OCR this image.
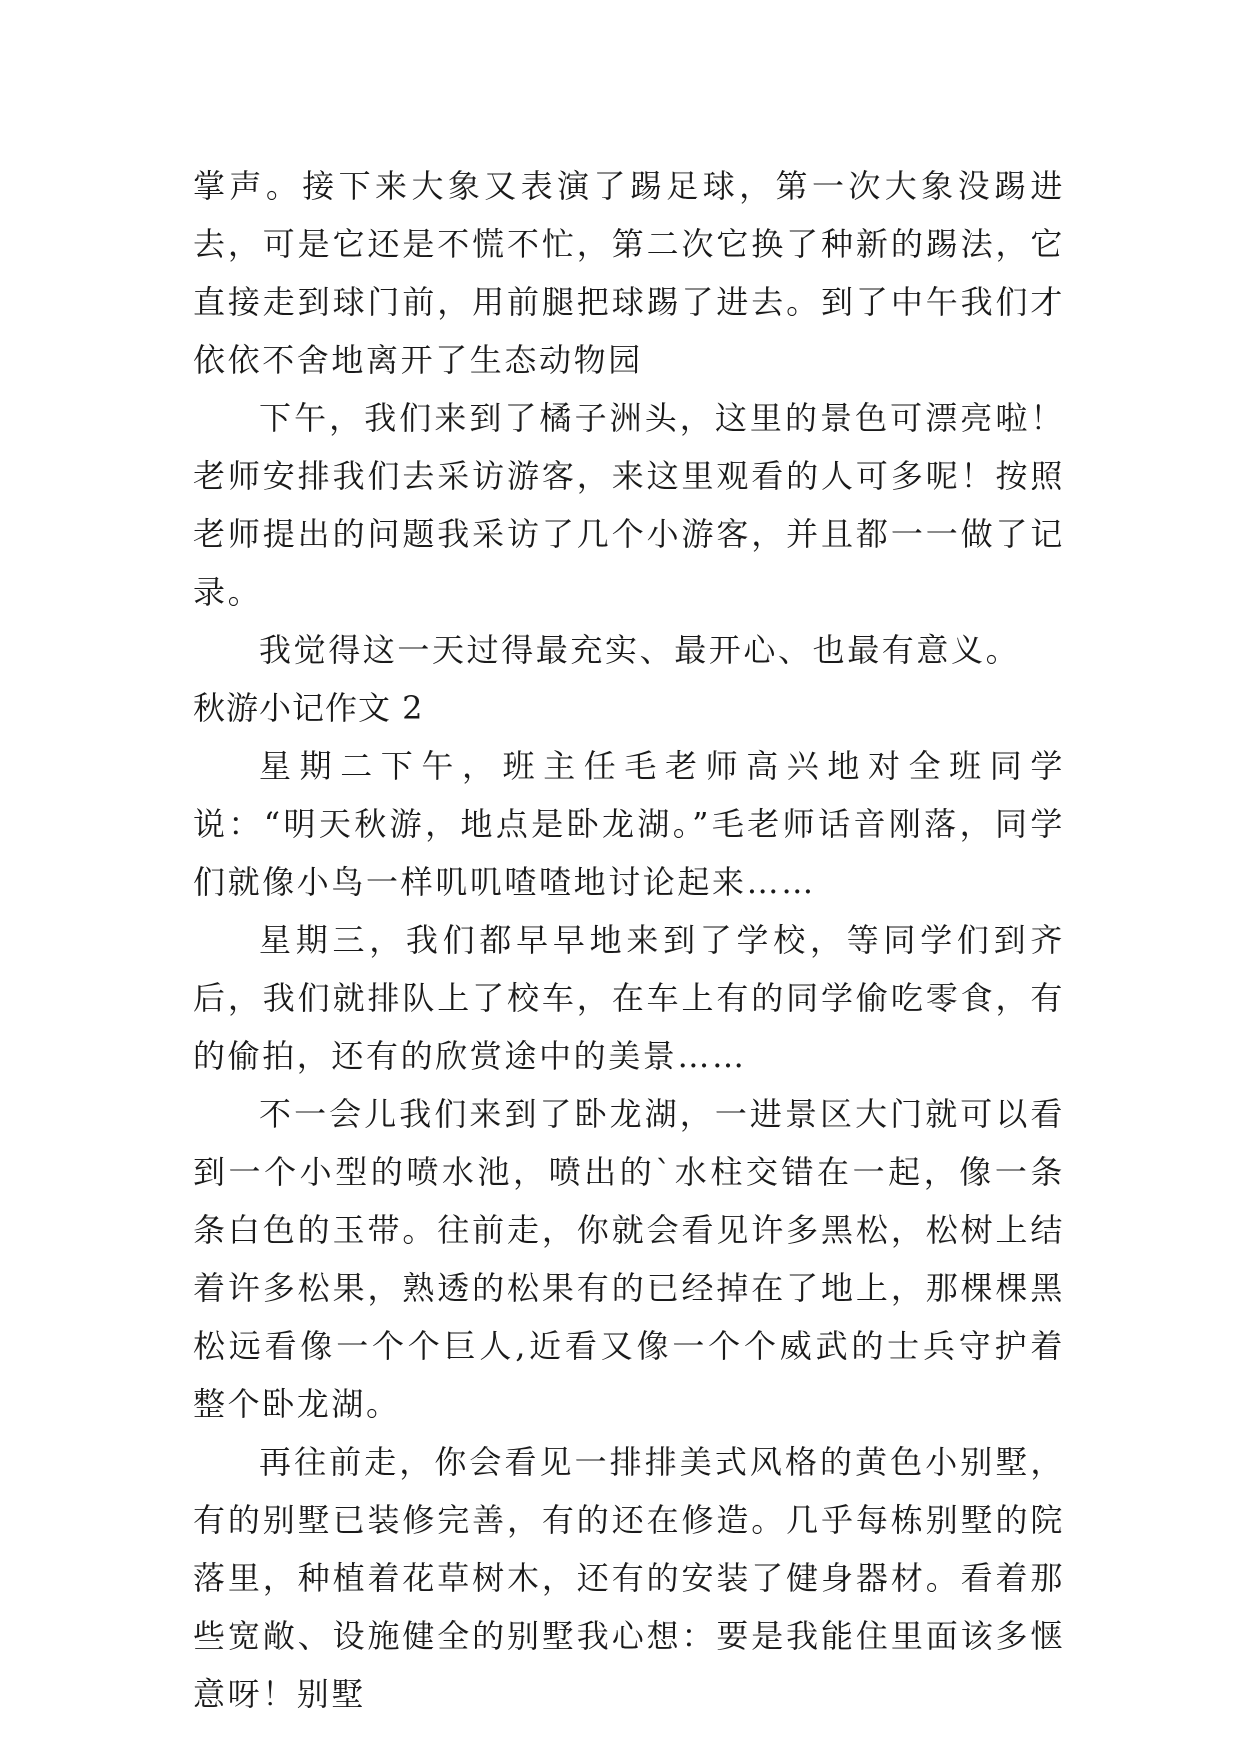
掌声。接下来大象又表演了踢足球，第一次大象没踢进去，可是它还是不慌不忙，第二次它换了种新的踢法，它直接走到球门前，用前腿把球踢了进去。到了中午我们才依依不舍地离开了生态动物园

下午，我们来到了橘子洲头，这里的景色可漂亮啦！老师安排我们去采访游客，来这里观看的人可多呢！按照老师提出的问题我采访了几个小游客，并且都一一做了记录。

我觉得这一天过得最充实、最开心、也最有意义。

秋游小记作文 2

星期二下午，班主任毛老师高兴地对全班同学说：“明天秋游，地点是卧龙湖。”毛老师话音刚落，同学们就像小鸟一样叽叽喳喳地讨论起来……

星期三，我们都早早地来到了学校，等同学们到齐后，我们就排队上了校车，在车上有的同学偷吃零食，有的偷拍，还有的欣赏途中的美景……

不一会儿我们来到了卧龙湖，一进景区大门就可以看到一个小型的喷水池，喷出的`水柱交错在一起，像一条条白色的玉带。往前走，你就会看见许多黑松，松树上结着许多松果，熟透的松果有的已经掉在了地上，那棵棵黑松远看像一个个巨人,近看又像一个个威武的士兵守护着整个卧龙湖。

再往前走，你会看见一排排美式风格的黄色小别墅，有的别墅已装修完善，有的还在修造。几乎每栋别墅的院落里，种植着花草树木，还有的安装了健身器材。看着那些宽敞、设施健全的别墅我心想：要是我能住里面该多惬意呀！别墅
